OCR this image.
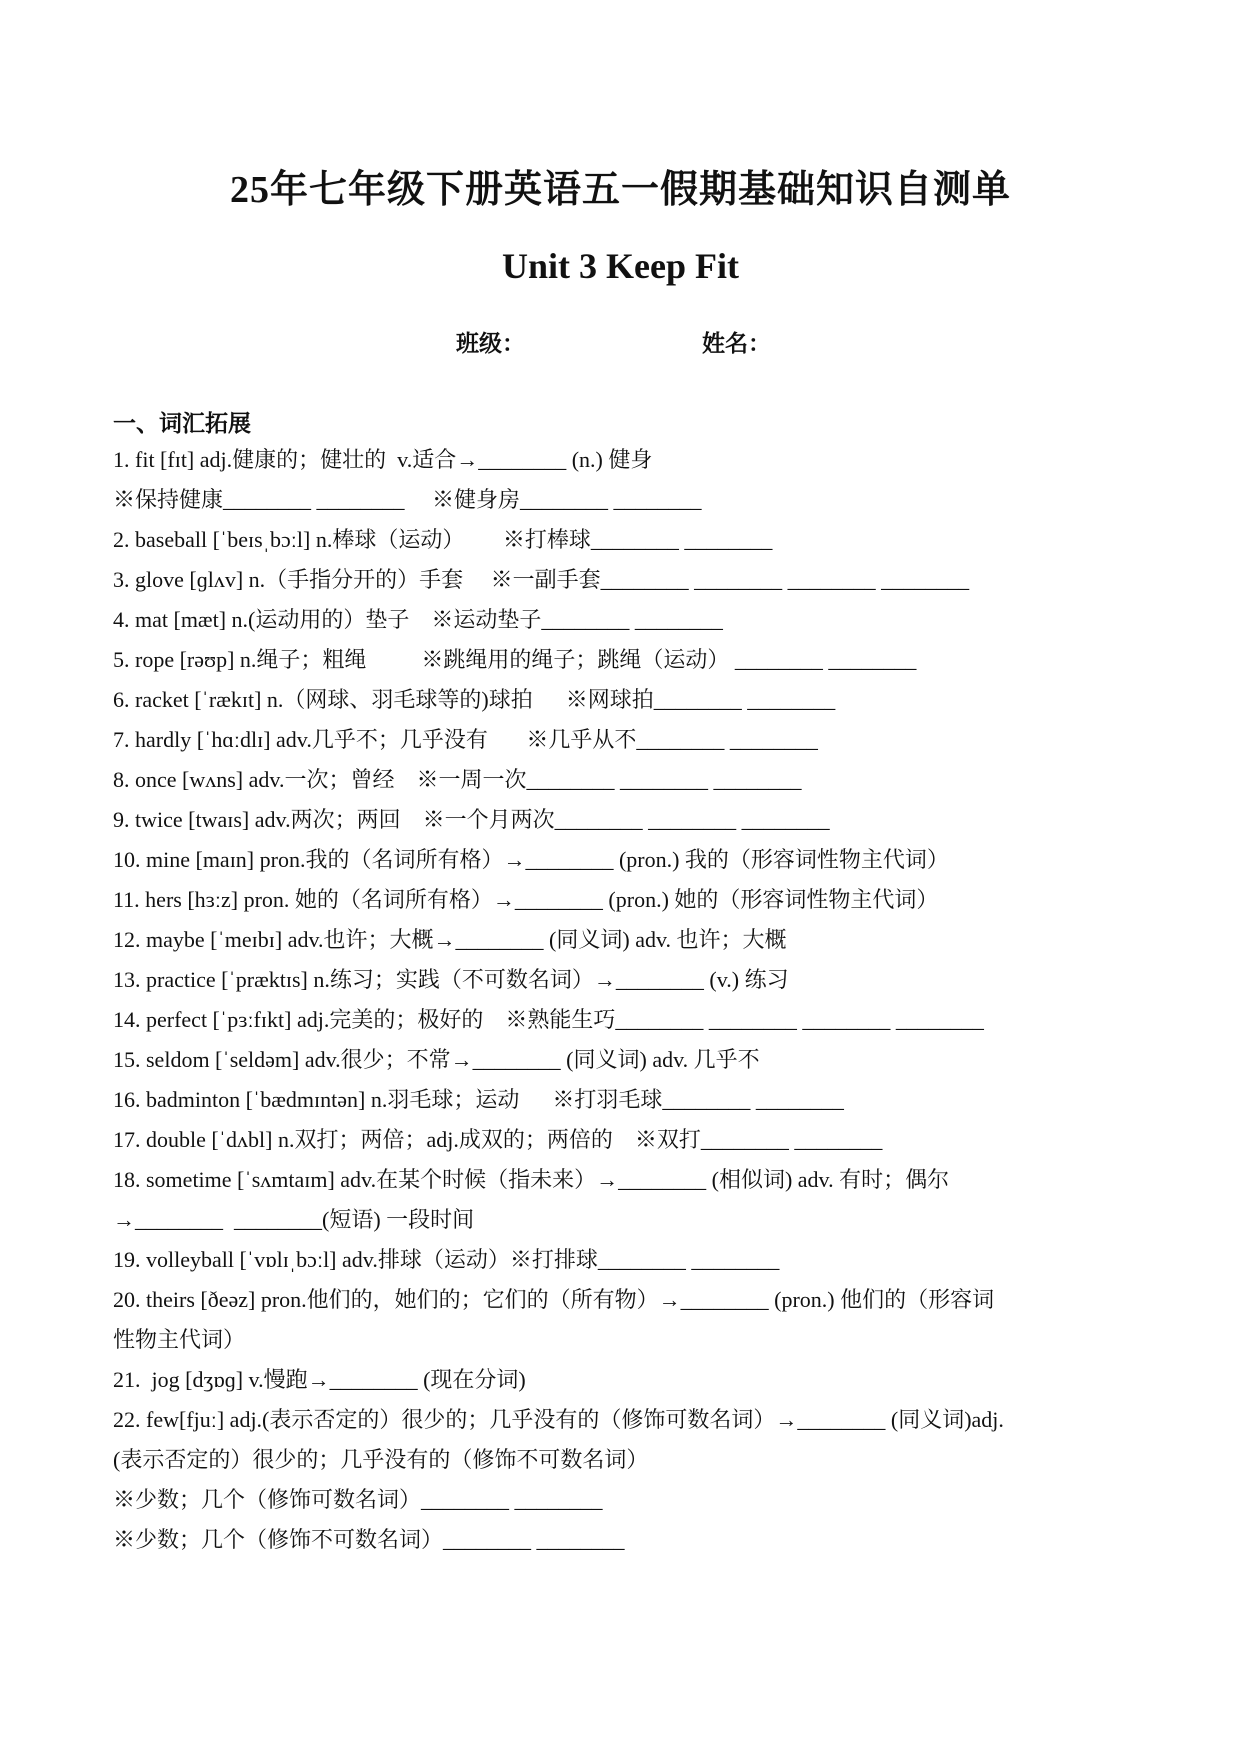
25年七年级下册英语五一假期基础知识自测单
Unit 3 Keep Fit
班级：	姓名：
一、词汇拓展
1. fit [fɪt] adj.健康的；健壮的  v.适合→________ (n.) 健身
※保持健康________ ________     ※健身房________ ________
2. baseball [ˈbeɪsˌbɔːl] n.棒球（运动）       ※打棒球________ ________
3. glove [ɡlʌv] n.（手指分开的）手套     ※一副手套________ ________ ________ ________
4. mat [mæt] n.(运动用的）垫子    ※运动垫子________ ________
5. rope [rəʊp] n.绳子；粗绳          ※跳绳用的绳子；跳绳（运动） ________ ________
6. racket [ˈrækɪt] n.（网球、羽毛球等的)球拍      ※网球拍________ ________
7. hardly [ˈhɑːdlɪ] adv.几乎不；几乎没有       ※几乎从不________ ________
8. once [wʌns] adv.一次；曾经    ※一周一次________ ________ ________
9. twice [twaɪs] adv.两次；两回    ※一个月两次________ ________ ________
10. mine [maɪn] pron.我的（名词所有格）→________ (pron.) 我的（形容词性物主代词）
11. hers [hɜːz] pron. 她的（名词所有格）→________ (pron.) 她的（形容词性物主代词）
12. maybe [ˈmeɪbɪ] adv.也许；大概→________ (同义词) adv. 也许；大概
13. practice [ˈpræktɪs] n.练习；实践（不可数名词）→________ (v.) 练习
14. perfect [ˈpɜːfɪkt] adj.完美的；极好的    ※熟能生巧________ ________ ________ ________
15. seldom [ˈseldəm] adv.很少；不常→________ (同义词) adv. 几乎不
16. badminton [ˈbædmɪntən] n.羽毛球；运动      ※打羽毛球________ ________
17. double [ˈdʌbl] n.双打；两倍；adj.成双的；两倍的    ※双打________ ________
18. sometime [ˈsʌmtaɪm] adv.在某个时候（指未来）→________ (相似词) adv. 有时；偶尔
→________  ________(短语) 一段时间
19. volleyball [ˈvɒlɪˌbɔːl] adv.排球（运动）※打排球________ ________
20. theirs [ðeəz] pron.他们的，她们的；它们的（所有物）→________ (pron.) 他们的（形容词
性物主代词）
21.  jog [dʒɒɡ] v.慢跑→________ (现在分词)
22. few[fjuː] adj.(表示否定的）很少的；几乎没有的（修饰可数名词）→________ (同义词)adj.
(表示否定的）很少的；几乎没有的（修饰不可数名词）
※少数；几个（修饰可数名词）________ ________
※少数；几个（修饰不可数名词）________ ________
